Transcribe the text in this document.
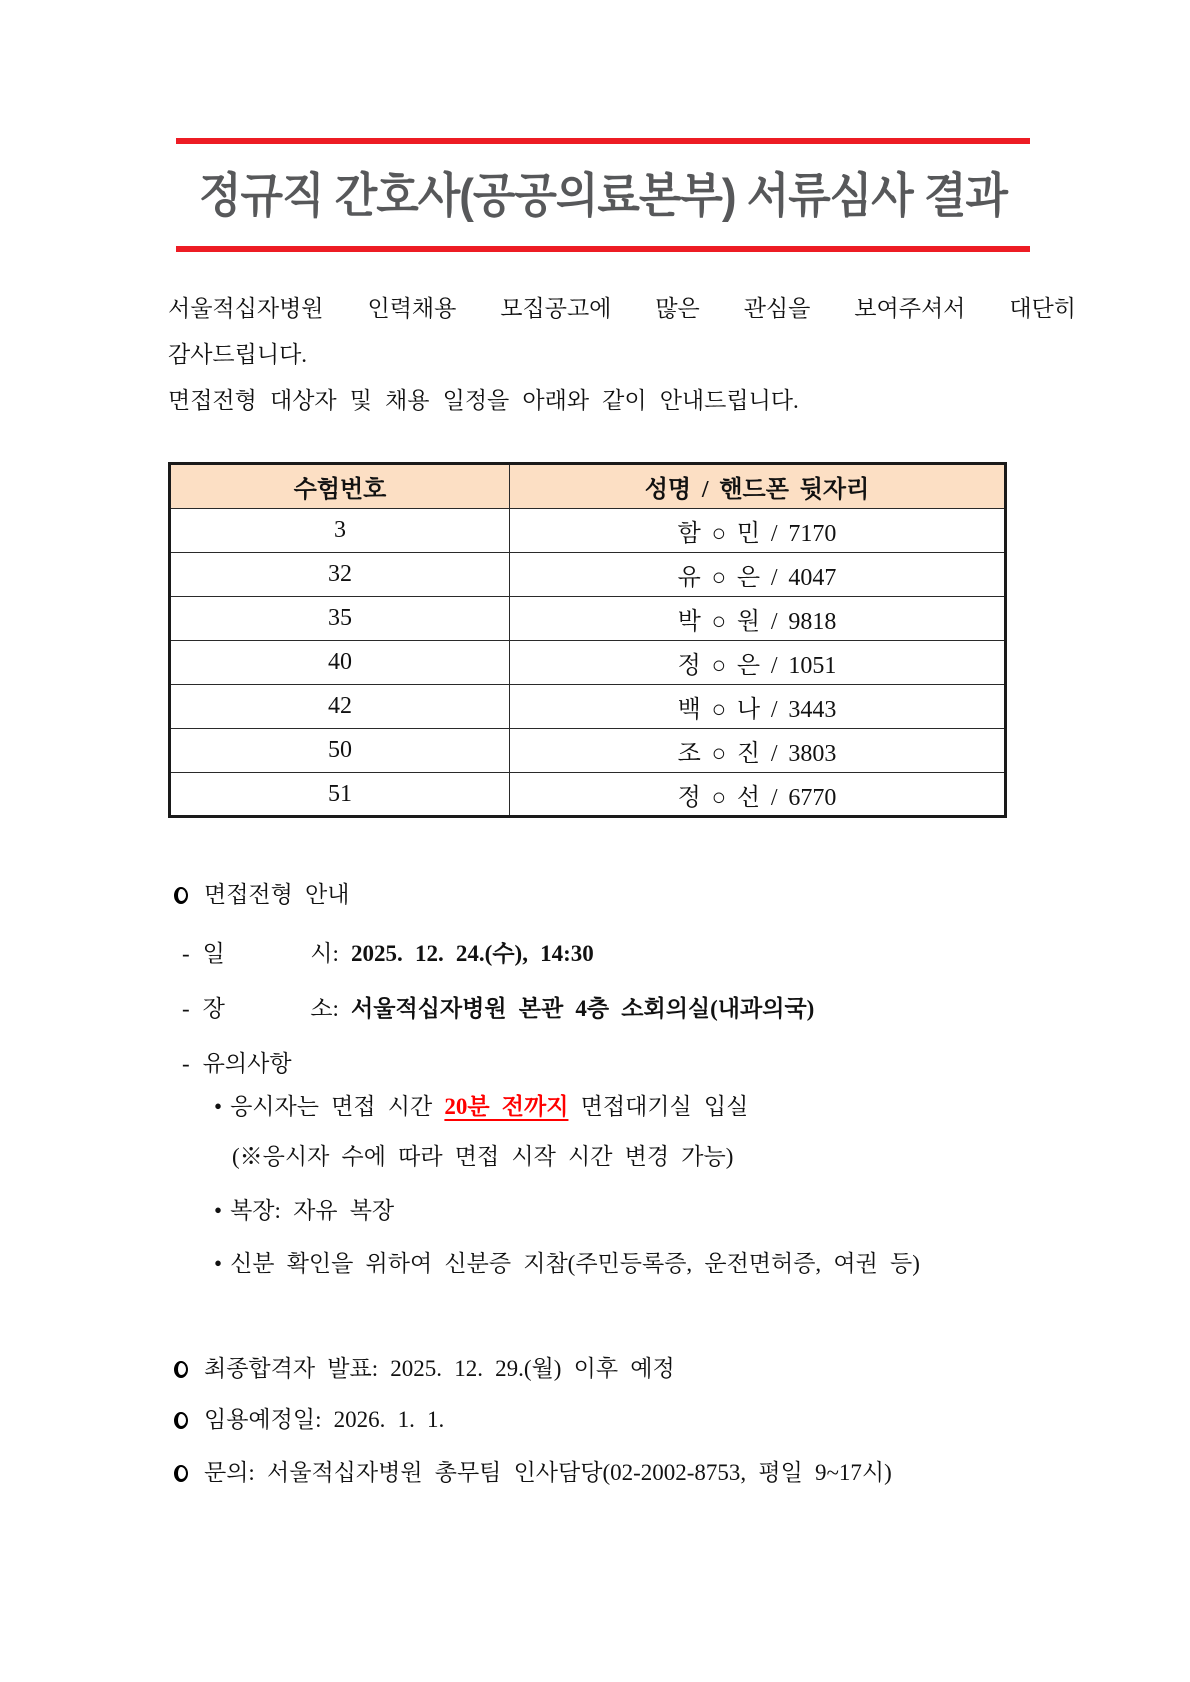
정규직 간호사(공공의료본부) 서류심사 결과
서울적십자병원 인력채용 모집공고에 많은 관심을 보여주셔서 대단히
감사드립니다.
면접전형 대상자 및 채용 일정을 아래와 같이 안내드립니다.
수험번호	성명 / 핸드폰 뒷자리
3	함 ○ 민 / 7170
32	유 ○ 은 / 4047
35	박 ○ 원 / 9818
40	정 ○ 은 / 1051
42	백 ○ 나 / 3443
50	조 ○ 진 / 3803
51	정 ○ 선 / 6770
면접전형 안내
- 일       시: 2025. 12. 24.(수), 14:30
- 장       소: 서울적십자병원 본관 4층 소회의실(내과의국)
- 유의사항
• 응시자는 면접 시간 20분 전까지 면접대기실 입실
(※응시자 수에 따라 면접 시작 시간 변경 가능)
• 복장: 자유 복장
• 신분 확인을 위하여 신분증 지참(주민등록증, 운전면허증, 여권 등)
최종합격자 발표: 2025. 12. 29.(월) 이후 예정
임용예정일: 2026. 1. 1.
문의: 서울적십자병원 총무팀 인사담당(02-2002-8753, 평일 9~17시)
